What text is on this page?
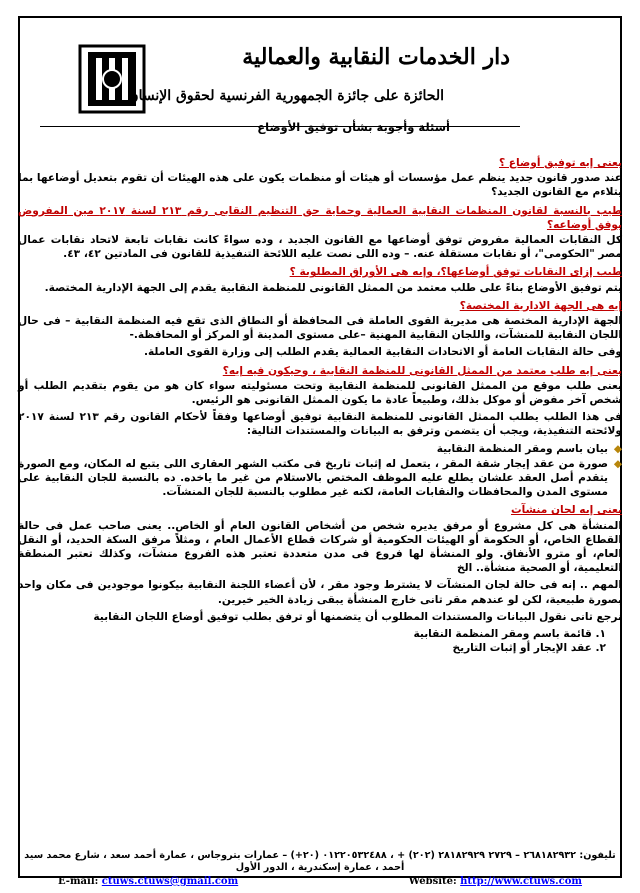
دار الخدمات النقابية والعمالية
الحائزة على جائزة الجمهورية الفرنسية لحقوق الإنسان
أسئلة وأجوبة بشأن توفيق الأوضاع
يعنى إيه توفيق أوضاع ؟
عند صدور قانون جديد ينظم عمل مؤسسات أو هيئات أو منظمات يكون على هذه الهيئات أن تقوم بتعديل أوضاعها بما يتلاءم مع القانون الجديد؟
طيب بالنسبة لقانون المنظمات النقابية العمالية وحماية حق التنظيم النقابى رقم ٢١٣ لسنة ٢٠١٧ مين المفروض يوفق أوضاعه؟
كل النقابات العمالية مفروض توفق أوضاعها مع القانون الجديد ، وده سواءً كانت نقابات تابعة لاتحاد نقابات عمال مصر "الحكومى"، أو نقابات مستقلة عنه. – وده اللى نصت عليه اللائحة التنفيذية للقانون فى المادتين ٤٢، ٤٣.
طيب إزاى النقابات توفق أوضاعها؟، وإيه هى الأوراق المطلوبة ؟
يتم توفيق الأوضاع بناءً على طلب معتمد من الممثل القانونى للمنظمة النقابية يقدم إلى الجهة الإدارية المختصة.
إيه هى الجهة الادارية المختصة؟
الجهة الإدارية المختصة هى مديرية القوى العاملة فى المحافظة أو النطاق الذى تقع فيه المنظمة النقابية – فى حال اللجان النقابية للمنشآت، واللجان النقابية المهنية –على مستوى المدينة أو المركز أو المحافظة.-
وفى حالة النقابات العامة أو الاتحادات النقابية العمالية يقدم الطلب إلى وزارة القوى العاملة.
يعنى إيه طلب معتمد من الممثل القانونى للمنظمة النقابية ، وحيكون فيه إيه؟
يعنى طلب موقع من الممثل القانونى للمنظمة النقابية وتحت مسئوليته سواء كان هو من يقوم بتقديم الطلب أو شخص آخر مفوض أو موكل بذلك، وطبيعاً عادة ما يكون الممثل القانونى هو الرئيس.
فى هذا الطلب يطلب الممثل القانونى للمنظمة النقابية توفيق أوضاعها وفقاً لأحكام القانون رقم ٢١٣ لسنة ٢٠١٧ ولائحته التنفيذية، ويجب أن يتضمن وترفق به البيانات والمستندات التالية:
◆
بيان باسم ومقر المنظمة النقابية
◆
صورة من عقد إيجار شقة المقر ، يتعمل له إثبات تاريخ فى مكتب الشهر العقارى اللى يتبع له المكان، ومع الصورة يتقدم أصل العقد علشان يطلع عليه الموظف المختص بالاستلام من غير ما ياخده. ده بالنسبة للجان النقابية على مستوى المدن والمحافظات والنقابات العامة، لكنه غير مطلوب بالنسبة للجان المنشآت.
يعنى إيه لجان منشآت
المنشأة هى كل مشروع أو مرفق يديره شخص من أشخاص القانون العام أو الخاص.. يعنى صاحب عمل فى حالة القطاع الخاص، أو الحكومة أو الهيئات الحكومية أو شركات قطاع الأعمال العام ، ومثلاً مرفق السكة الحديد، أو النقل العام، أو مترو الأنفاق. ولو المنشأة لها فروع فى مدن متعددة تعتبر هذه الفروع منشآت، وكذلك تعتبر المنطقة التعليمية، أو الصحية منشأة.. الخ
المهم .. إنه فى حالة لجان المنشآت لا يشترط وجود مقر ، لأن أعضاء اللجنة النقابية بيكونوا موجودين فى مكان واحد بصورة طبيعية، لكن لو عندهم مقر تانى خارج المنشأة يبقى زيادة الخير خيرين.
نرجع تانى نقول البيانات والمستندات المطلوب أن يتضمنها أو ترفق بطلب توفيق أوضاع اللجان النقابية
١. قائمة باسم ومقر المنظمة النقابية
٢. عقد الإيجار أو إثبات التاريخ
تليفون: ٢٦٨١٨٢٩٣٢ – ٢٧٢٩ ٢٨١٨٢٩٢٩ (٢٠٢) + ، ٠١٢٢٠٥٣٢٤٨٨ (٢٠+) – عمارات بتروجاس ، عمارة أحمد سعد ، شارع محمد سيد أحمد ، عمارة إسكندرية ، الدور الأول
E-mail: ctuws.ctuws@gmail.com	Website: http://www.ctuws.com
